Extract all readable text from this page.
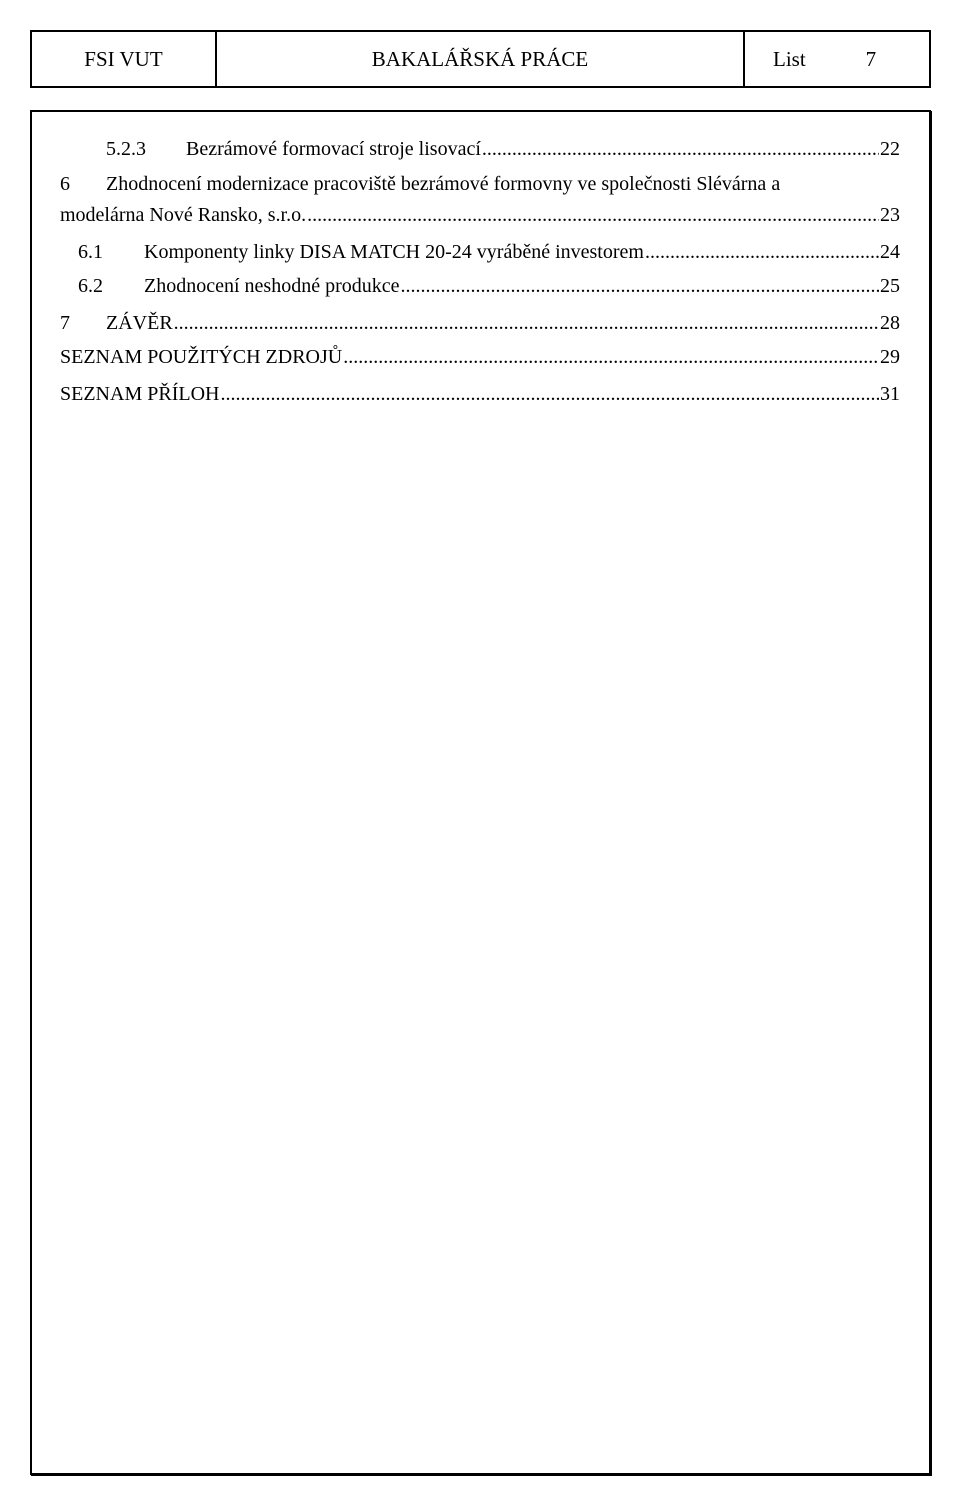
FSI VUT	BAKALÁŘSKÁ PRÁCE	List	7
5.2.3	Bezrámové formovací stroje lisovací .....	22
6 Zhodnocení modernizace pracoviště bezrámové formovny ve společnosti Slévárna a
modelárna Nové Ransko, s.r.o. .....	23
6.1	Komponenty linky DISA MATCH 20-24 vyráběné investorem .....	24
6.2	Zhodnocení neshodné produkce .....	25
7	ZÁVĚR .....	28
SEZNAM POUŽITÝCH ZDROJŮ .....	29
SEZNAM PŘÍLOH .....	31
